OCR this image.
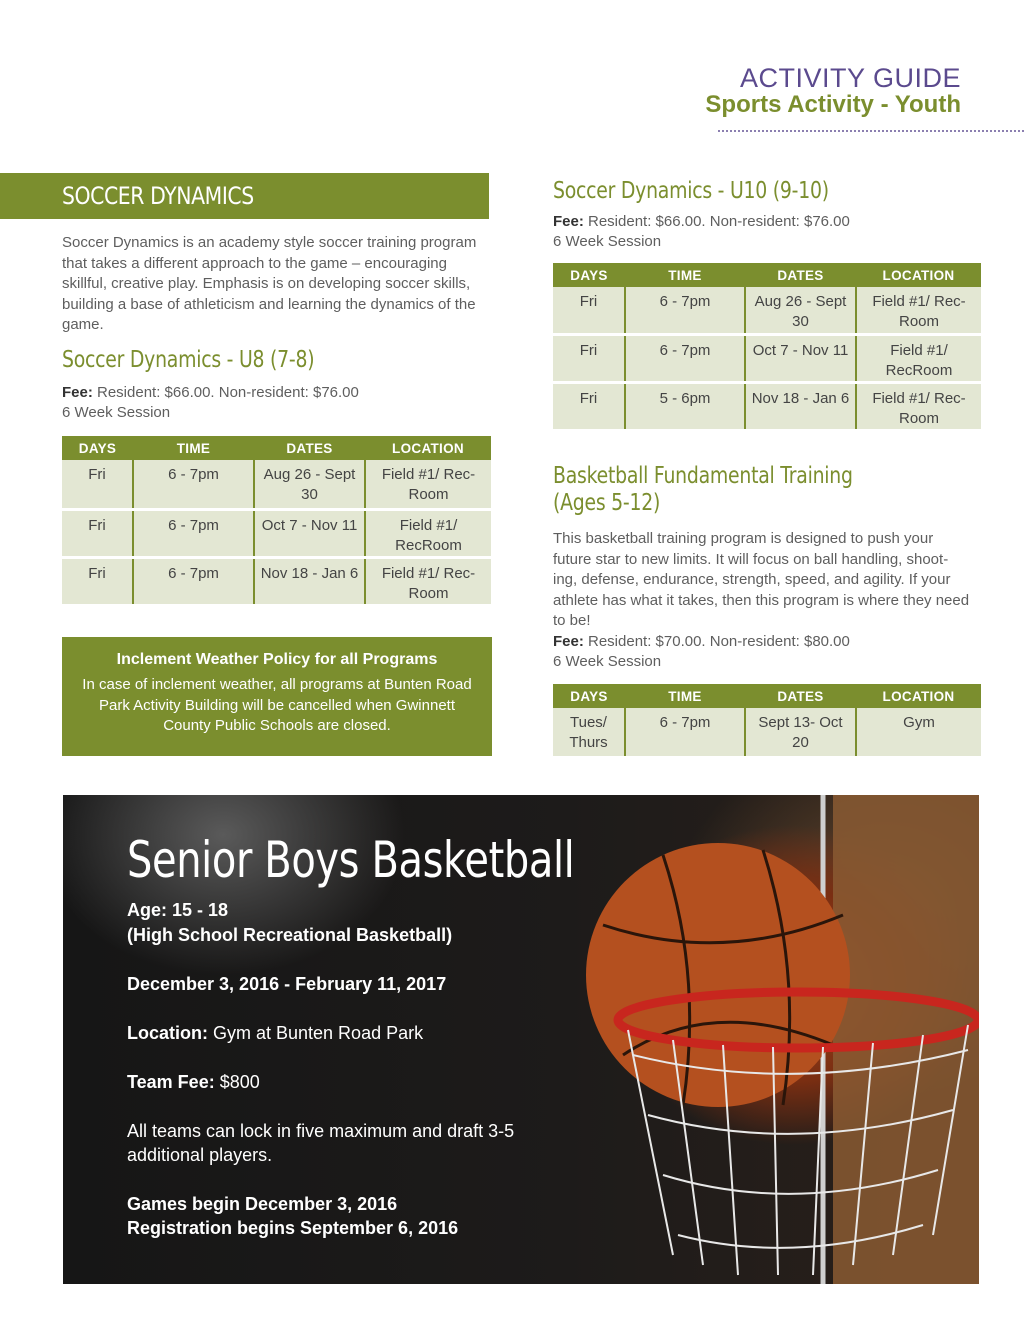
ACTIVITY GUIDE
Sports Activity - Youth
SOCCER DYNAMICS
Soccer Dynamics is an academy style soccer training program that takes a different approach to the game – encouraging skillful, creative play. Emphasis is on developing soccer skills, building a base of athleticism and learning the dynamics of the game.
Soccer Dynamics - U8 (7-8)
Fee: Resident: $66.00. Non-resident: $76.00
6 Week Session
DAYS	TIME	DATES	LOCATION
Fri	6 - 7pm	Aug 26 - Sept 30	Field #1/ Rec- Room
Fri	6 - 7pm	Oct 7 - Nov 11	Field #1/ RecRoom
Fri	6 - 7pm	Nov 18 - Jan 6	Field #1/ Rec- Room
Inclement Weather Policy for all Programs
In case of inclement weather, all programs at Bunten Road Park Activity Building will be cancelled when Gwinnett County Public Schools are closed.
Soccer Dynamics - U10 (9-10)
Fee: Resident: $66.00. Non-resident: $76.00
6 Week Session
DAYS	TIME	DATES	LOCATION
Fri	6 - 7pm	Aug 26 - Sept 30	Field #1/ Rec- Room
Fri	6 - 7pm	Oct 7 - Nov 11	Field #1/ RecRoom
Fri	5 - 6pm	Nov 18 - Jan 6	Field #1/ Rec- Room
Basketball Fundamental Training
(Ages 5-12)
This basketball training program is designed to push your future star to new limits. It will focus on ball handling, shoot- ing, defense, endurance, strength, speed, and agility. If your athlete has what it takes, then this program is where they need to be!
Fee: Resident: $70.00. Non-resident: $80.00
6 Week Session
DAYS	TIME	DATES	LOCATION
Tues/ Thurs	6 - 7pm	Sept 13- Oct 20	Gym
Senior Boys Basketball
Age: 15 - 18
(High School Recreational Basketball)
December 3, 2016 - February 11, 2017
Location: Gym at Bunten Road Park
Team Fee: $800
All teams can lock in five maximum and draft 3-5
additional players.
Games begin December 3, 2016
Registration begins September 6, 2016
